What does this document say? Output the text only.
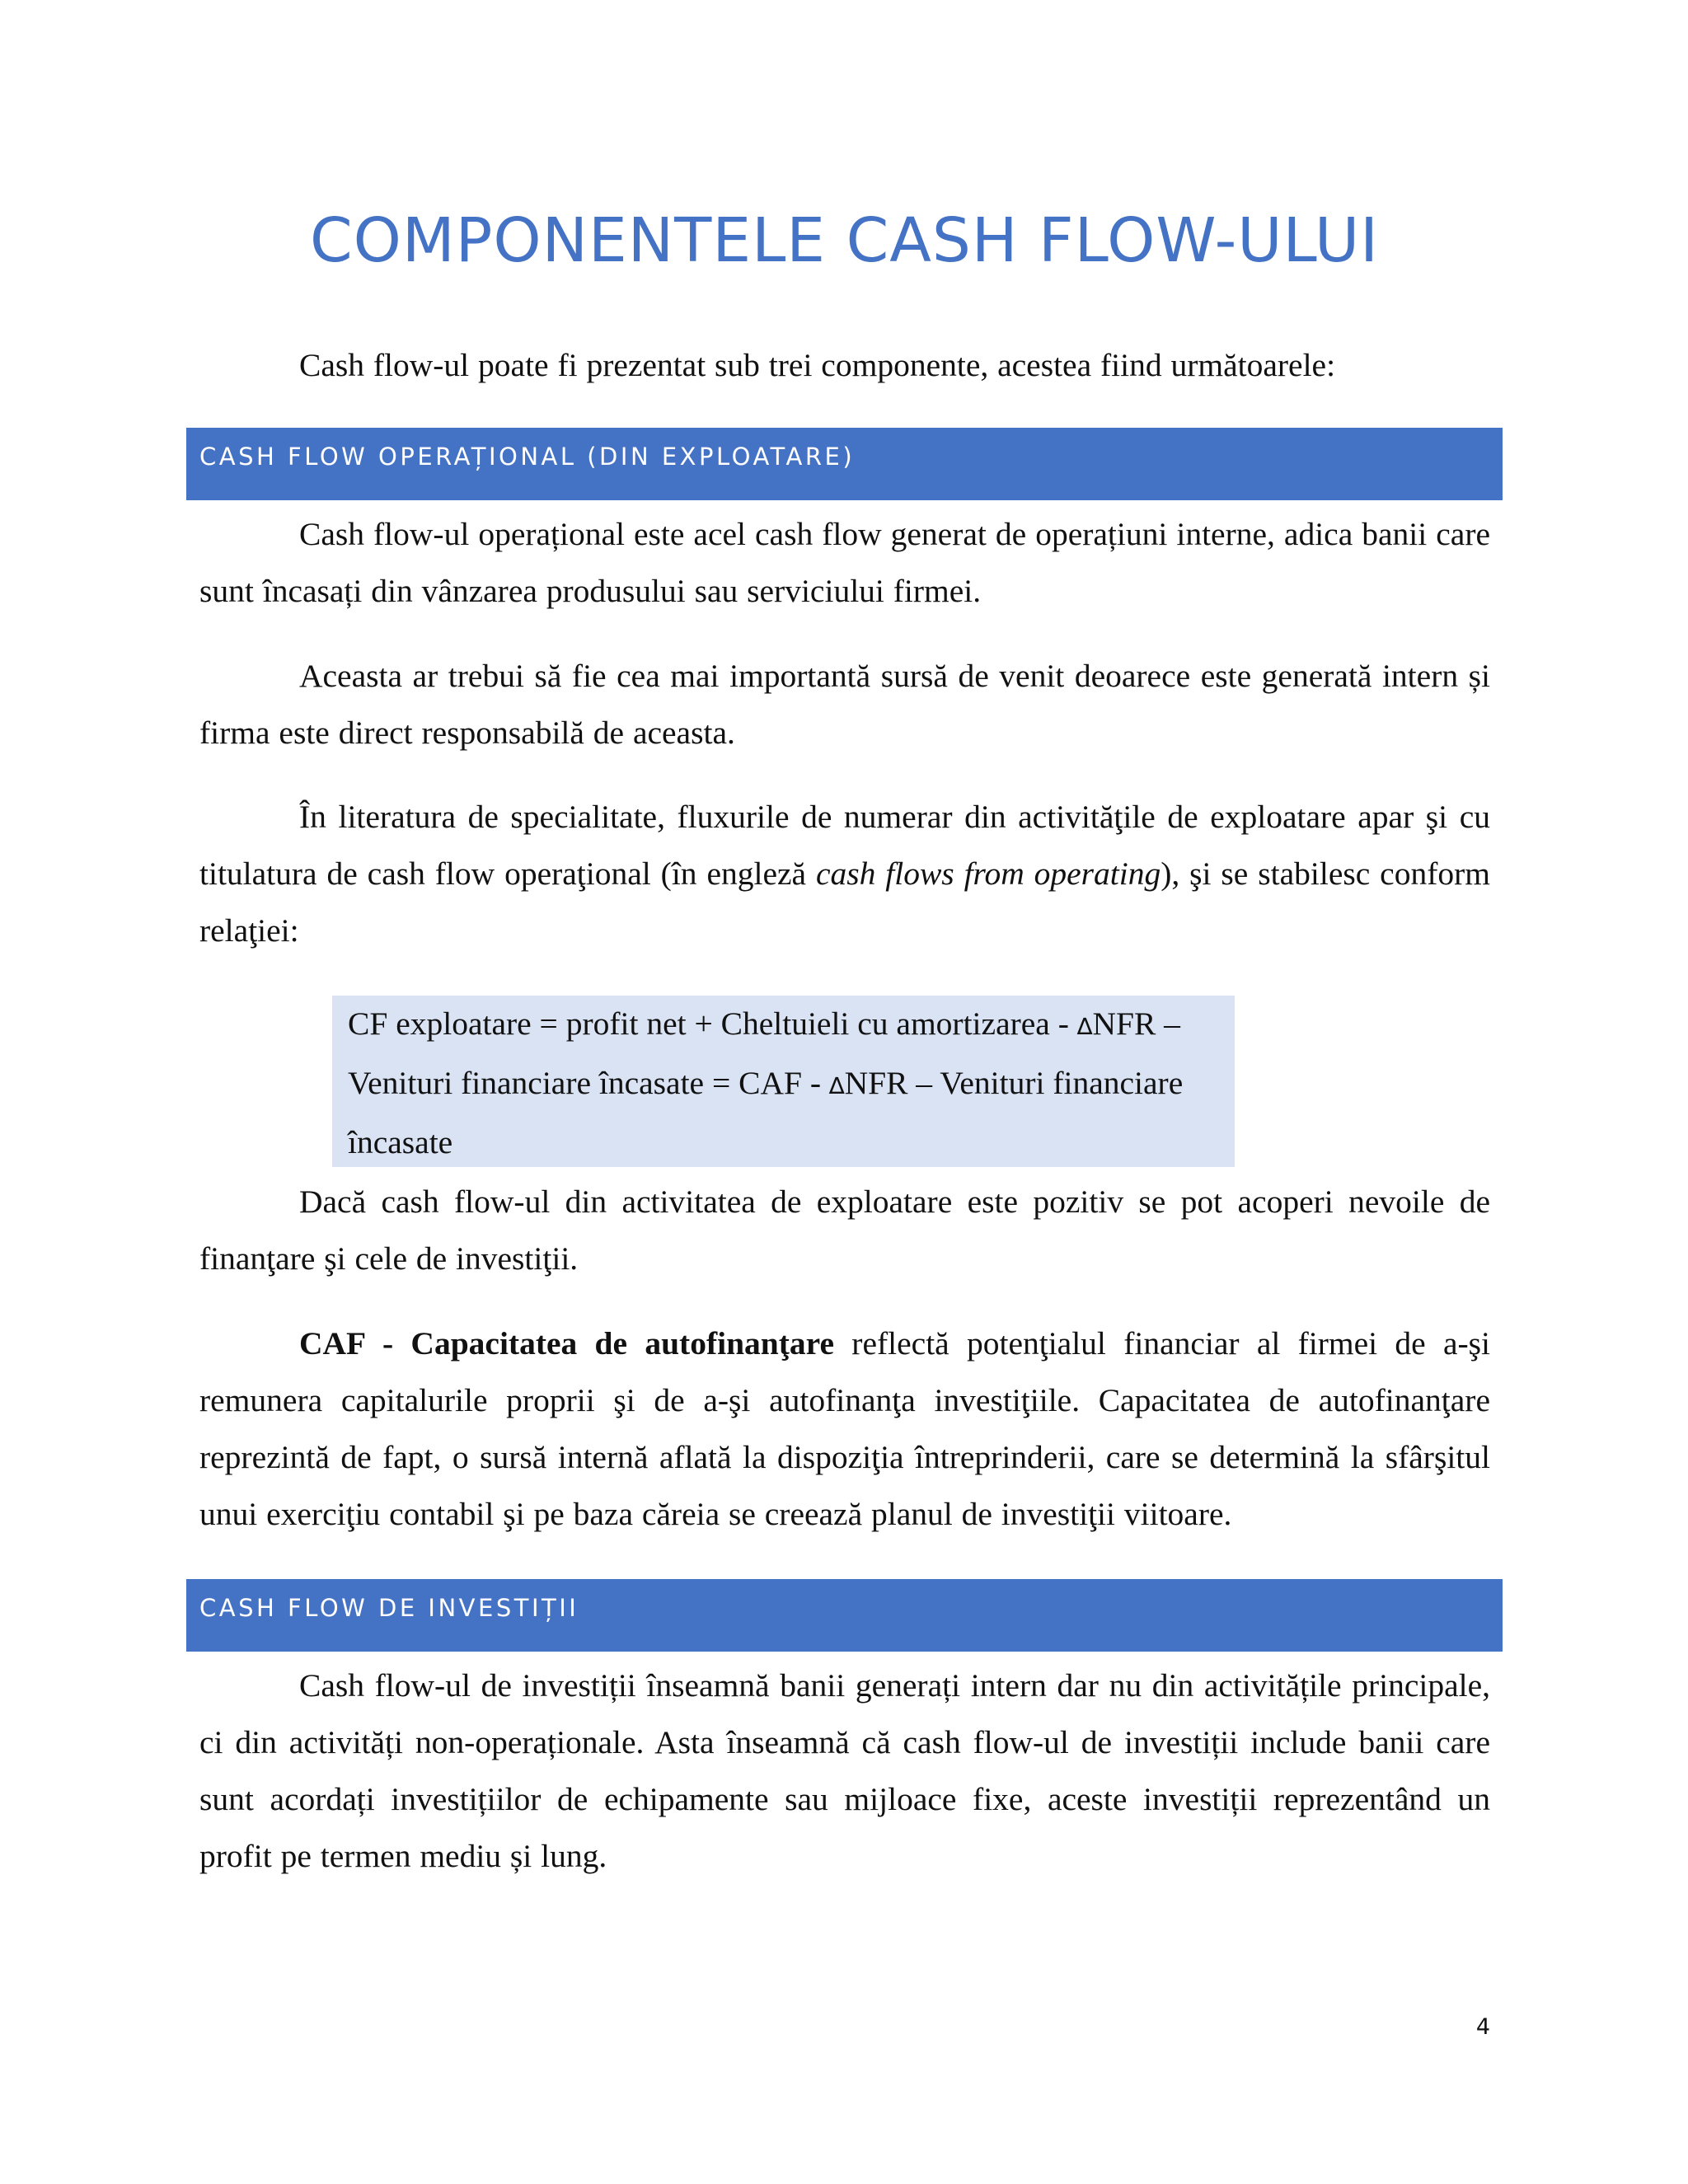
COMPONENTELE CASH FLOW-ULUI

Cash flow-ul poate fi prezentat sub trei componente, acestea fiind următoarele:

CASH FLOW OPERAȚIONAL (DIN EXPLOATARE)

Cash flow-ul operațional este acel cash flow generat de operațiuni interne, adica banii care sunt încasați din vânzarea produsului sau serviciului firmei.

Aceasta ar trebui să fie cea mai importantă sursă de venit deoarece este generată intern și firma este direct responsabilă de aceasta.

În literatura de specialitate, fluxurile de numerar din activităţile de exploatare apar şi cu titulatura de cash flow operaţional (în engleză cash flows from operating), şi se stabilesc conform relaţiei:

CF exploatare = profit net + Cheltuieli cu amortizarea - ∆NFR – Venituri financiare încasate = CAF - ∆NFR – Venituri financiare încasate

Dacă cash flow-ul din activitatea de exploatare este pozitiv se pot acoperi nevoile de finanţare şi cele de investiţii.

CAF - Capacitatea de autofinanţare reflectă potenţialul financiar al firmei de a-şi remunera capitalurile proprii şi de a-şi autofinanţa investiţiile. Capacitatea de autofinanţare reprezintă de fapt, o sursă internă aflată la dispoziţia întreprinderii, care se determină la sfârşitul unui exerciţiu contabil şi pe baza căreia se creează planul de investiţii viitoare.

CASH FLOW DE INVESTIȚII

Cash flow-ul de investiții înseamnă banii generați intern dar nu din activitățile principale, ci din activități non-operaționale. Asta înseamnă că cash flow-ul de investiții include banii care sunt acordați investițiilor de echipamente sau mijloace fixe, aceste investiții reprezentând un profit pe termen mediu și lung.

4
